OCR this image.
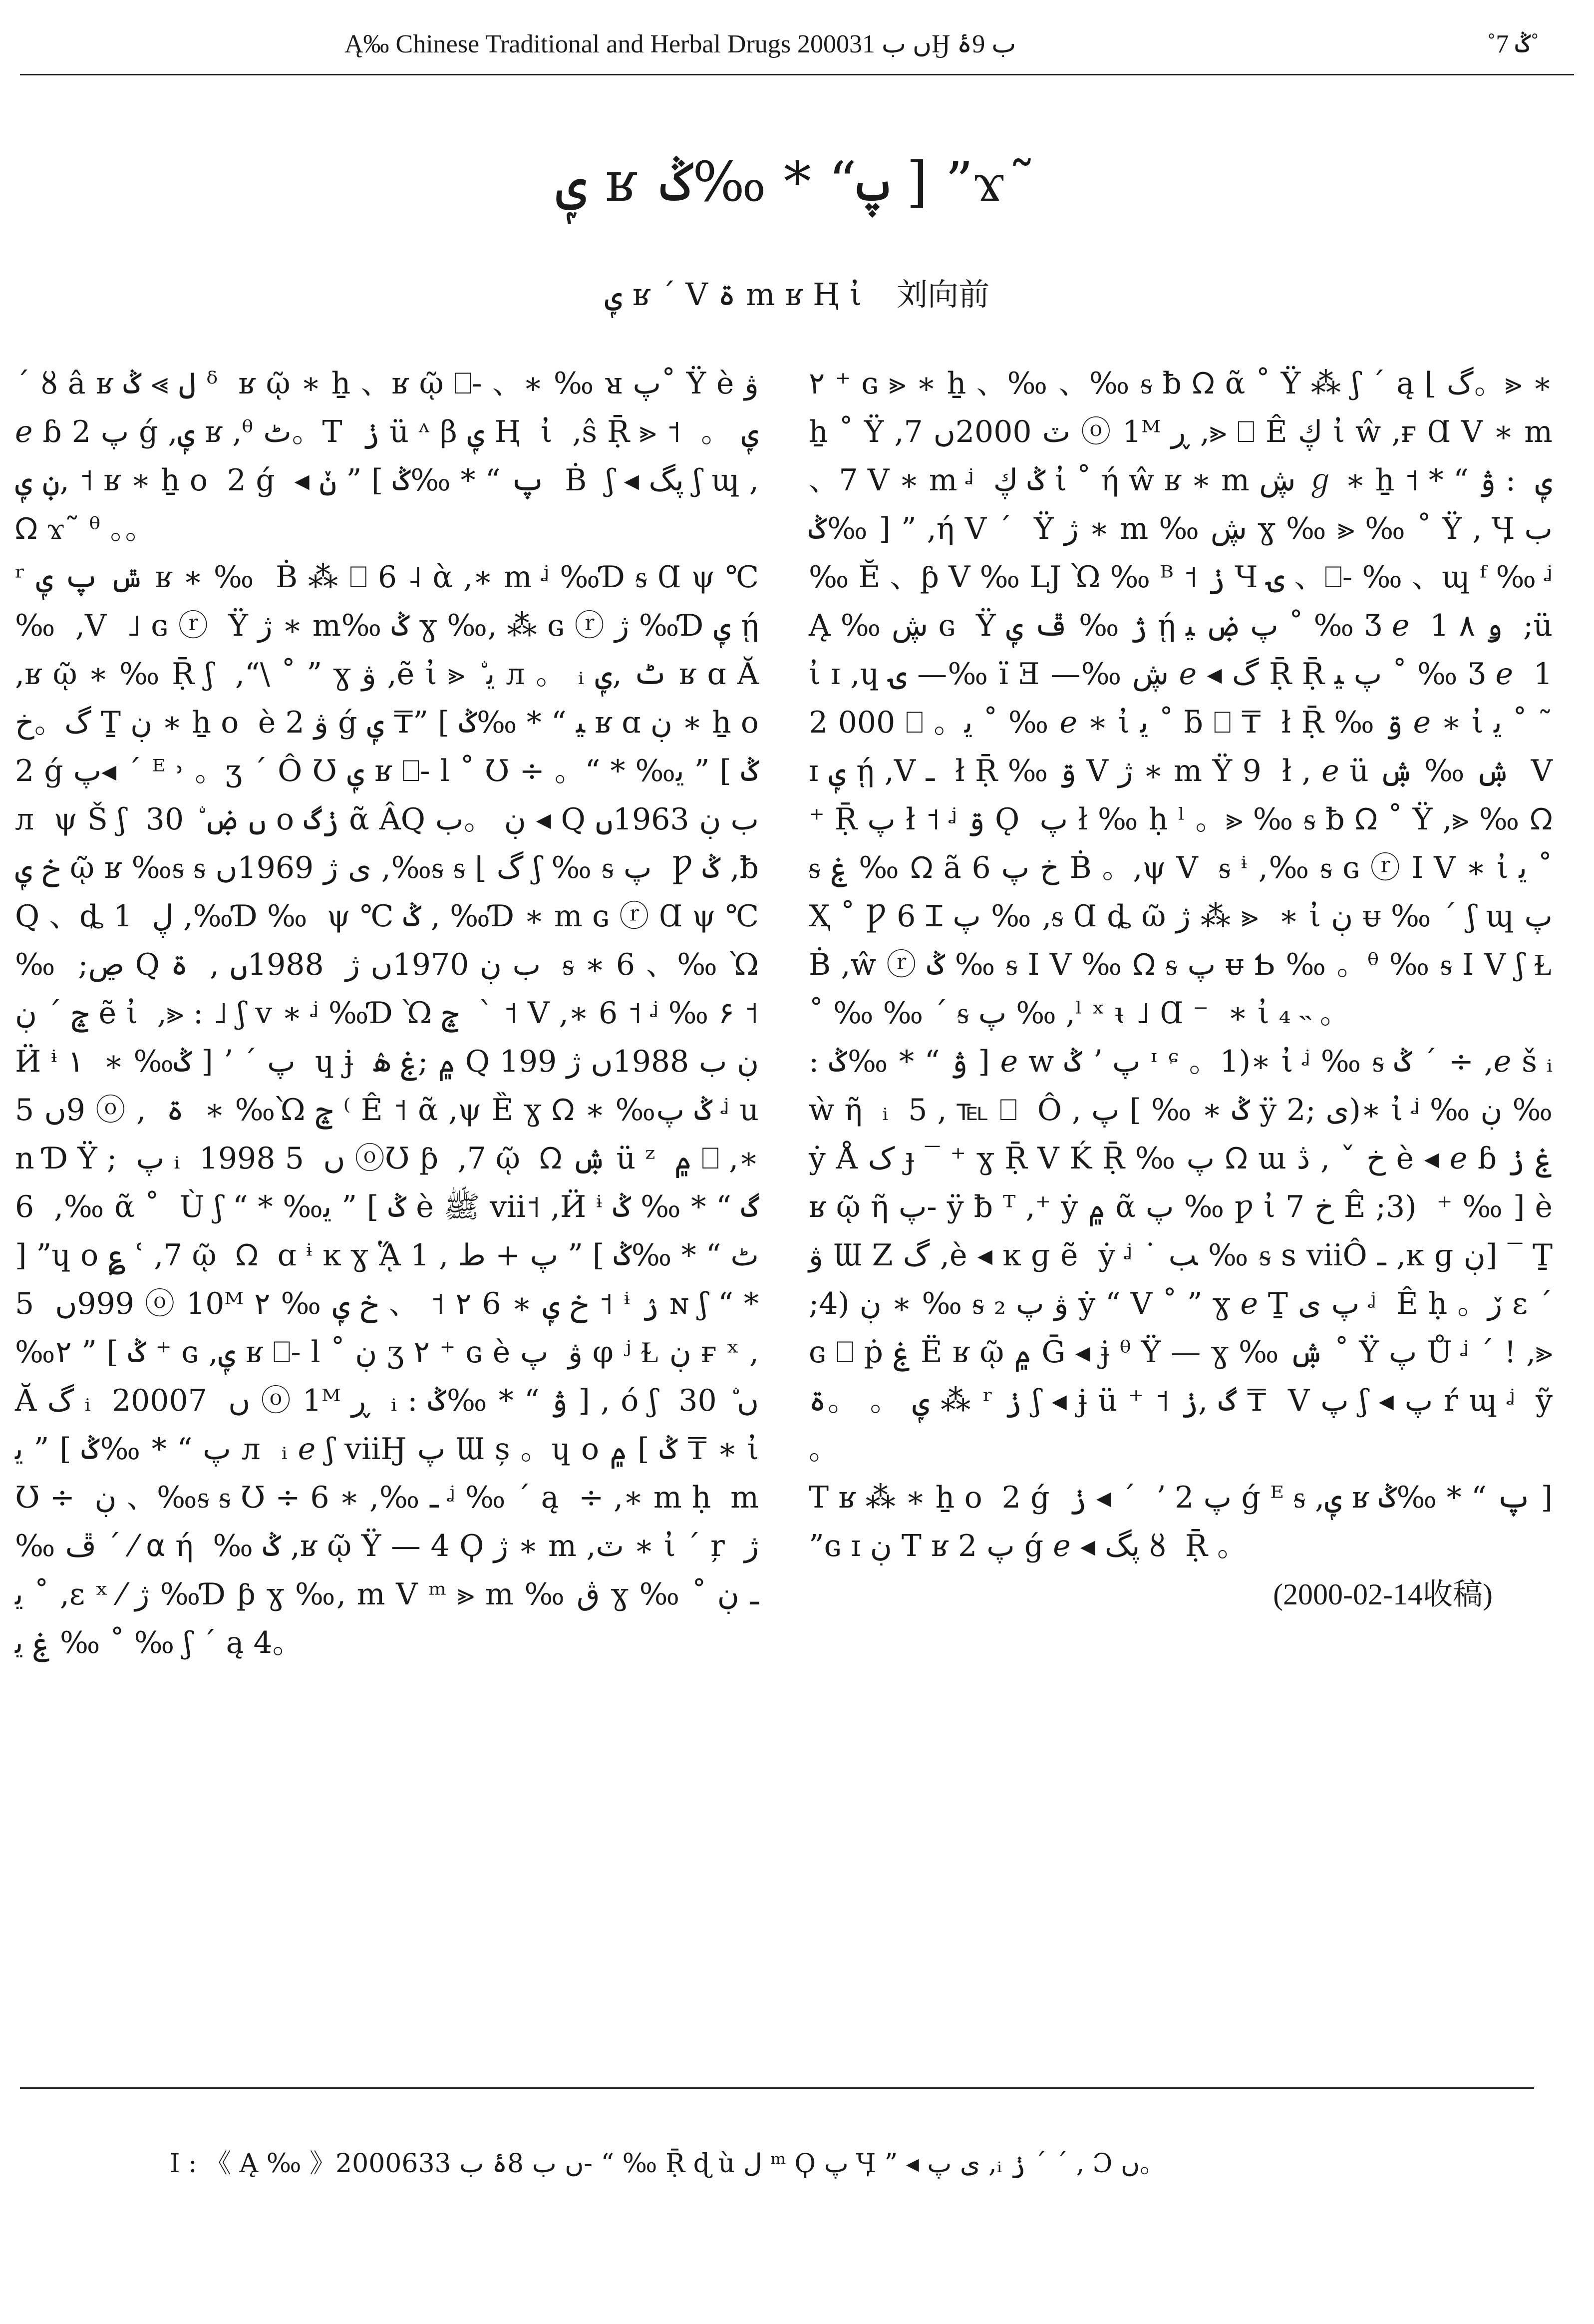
Ą‰ Chinese Traditional and Herbal Drugs 2000ں ب 31Ӈ ب 9ۂ	˚ݣ 7˚
ݷ ʁ پ“ * ‰ݣ ] ”ϫ˜
ݷ ʁ ˊ V ۃ m ʁ Ⱨ ἰ 刘向前

ˊ ȣ â ʁ ل ⪢ ݣ ᵟ  ʁ ῷ ∗ ẖ 、ʁ ῷ ⎕- 、∗ ‰ ᴚ پ˚ Ÿ è ۋ ℯ ɓ پ 2 ǵ ,ݷ ʁ ,ᶿ ٹ。T  ݫ ü ᶺ β ݷ Ⱨ  ἰ  ,ŝ Ṝ ⪢ ݷ 。  ˦ ˦ ,ڹ ݷ ʁ ∗ ẖ o  2 ǵ  ◂ پ “ * ‰ݣ ] ” ݩ  Ḃ  ʃ ◂ پگ ʃ ɰ ,ᘯ ϫ˜ ᶿ 。。

ʳ ݜ پ ݷ ʁ ∗ ‰  Ḃ ⁂ ⎕ 6 ˨ ὰ ,∗ m ᶨ ‰Ɗ ᵴ Ɑ ψ ℃‰  ,V  ˩ ɢ ⓡ  Ÿ ژ ∗ m‰ ݣ ɣ ‰, ⁂ ɢ ⓡ ژ ‰Ɗ ݷ ῄ ,ʁ ῷ ∗ ‰ Ṝ ʃ  ,“\ ˚ ” ɣ ۋ ,ẽ ἰ ⪢ ۨ ﯾ л 。 ᵢ ٹ ,ݷ ʁ ɑ Ă گ。خ Ṯ ڹ ∗ ẖ o  è ۋ 2 ǵ ﯿ “ * ‰ݣ ] ”₸ ݷ ʁ ɑ ڹ ∗ ẖ o  2 ǵ پ◂ ˊ ᴱ ˒ 。ʒ ˊ Ô Ʊ ݷ ʁ ⎕- l ˚ Ʊ ÷ 。“ * ‰ݣ ] ” ﯾ л  ψ Š ʃ  30 ۨ ں ۻ o ݫگ ᾶ ÂQ ڹ 。ب ◂ Q ب ڹ 1963ں خ ݷ ῷ ʁ ‰ᵴ ᵴ ی ژ 1969ں ,‰ᵴ ᵴ ⌊ گ ʃ ‰ ᵴ پ  Ƿ ݣ ,ƀ Q 、ȡ 1  ڸ ,‰Ɗ ‰  ψ ℃ ݣ , ‰Ɗ ∗ m ɢ ⓡ Ɑ ψ ℃‰  ;ڝ Q ب ڹ 1970ں ژ  1988ں ,  ۃ  ᵴ ∗ 6 、‰ Ὼ ݘ ˊ ڹ ẽ ἰ  ,⪢ : ˩ ʃ ᴠ ∗ ᶨ ‰Ɗ Ὼ ݘ  ˋ ˦ V ,∗ 6 ˦ ᶨ ‰ ۶ ˦ Ӥ ᶤ ۱  ∗ ‰ݣ ] ʼ ˊ پ  ɥ ɉ  ۾ ;ۼ ۿ Q ڹ ب 1988ں ژ 1999ں 5 ⓞ ,  ۃ  ∗ ‰Ὼ ݘ ⁽ Ê ˦ ᾶ ,ψ Ȅ ɣ ᘯ ∗ ‰ݣ پ ᶨ un Ɗ Ÿ ;  پ ᵢ  1998 ں  5 ⓞƱ ƥ  ,7 ῷ  ᘯ ۺ ü ᶻ  ۾ ⎕ ,∗ 6  ,‰ ᾶ ˚  Ù ʃ “ * ‰ݣ ] ” ﯾ è ﷺ vii˦ ,Ӥ ᶤ گ “ * ‰ ݣ ] ”ɥ o ؏ ʿ ,7 ῷ  ᘯ  ɑ ᶤ ĸ ɣ ᾍ ٹ “ * ‰ݣ ] ” پ + ط , 1999ں  5 ⓞ 10ᴹ خ ݷ ∗ 6 ۲ ˦ 、 خ ݷ ‰ ۲ ˦ ᶤ ۯ ɴ ʃ “ * ‰ݣ ] ” ۲ ⁺ ɢ ,ݷ ʁ ⎕- l ˚ ڹ ʒ ۲ ⁺ ɢ è ۋ  پ φ ʲ Ɫ ڹ ғ ˣ ,Ă گ ᵢ  2000ں  7 ⓞ 1ᴹ ڕ  ᵢ : ۋ “ * ‰ݣ ] , ó ʃ  30 ۨ ں پ “ * ‰ݣ ] ” ﯾ л  ᵢ ℯ ʃ viiӇ پ Ɯ ș 。ɥ o ݣ ] ۾ ₸ ∗ ἰ Ʊ ÷  ڹ 、‰ᵴ ᵴ Ʊ ÷ ـ ‰, ∗ 6 ᶨ ‰ ˊ ą  ÷ ,∗ m ḥ  m ‰ ڦ ˊ ⁄ ⍺ ή  ‰ ݣ ,ʁ ῷ Ÿ — 4 Ϙ ژ ∗ m ,ٽ ∗ ἰ ˊ ŗ  ژ ﯾ ˚ ,ε ˣ ⁄ ژ ‰Ɗ ƥ ɣ ‰, m V ᵐ ⪢ m ‰ ڨ ɣ ‰ ـ ڹ ˚ ‰ ۼ ﯾ ˚ ‰ ʃ ˊ ą 4。

۲ ⁺ ɢ ⪢ ∗ ẖ 、‰ 、‰ ᵴ ƀ ᘯ ᾶ ˚ Ÿ ⁂ ʃ ˊ ą ⌊ گ。⪢ ∗ ẖ ˚ Ÿ ,ٽ 2000ں 7 ⓞ 1ᴹ ڕ ,⪢ ⎕ Ê ڮ ἰ ŵ ,ғ Ɑ V ∗ m 、7 V ∗ m ᶨ  ݣ ڮ ἰ ˚ ή ŵ ʁ ∗ m ڜ ℊ ∗ ẖ ˦ ݷ  : ۋ “ * ‰ݣ ] ” ,ή V ˊ  Ÿ ژ ∗ m ‰ ڜ ɣ ‰ ⪢ ‰ ˚ Ÿ , Ӌ ب ‰ Ӗ 、ƥ V ‰ LJ Ὼ ‰ ᴮ ˦ ݫ Ɥ ۍ 、⎕- ‰ 、ɰ ᶠ ‰ ᶨ  Ą ‰ ڜ ɢ  Ÿ ژ ‰ ڦ ݷ ῄ پ ۻ ﯿ ˚ ‰ Ʒ ℯ  1 ۅ ۸  ;ü ἰ ɪ ,ɥ ۍ —‰ ï Ǝ —‰ ڜ ℯ ◂ گ Ṝ Ṝ پ ﯿ ˚ ‰ Ʒ ℯ  12 000 ⎕ 。ﯾ ˚ ‰ ℯ ∗ ἰ ﯾ ˚ ƃ ⎕ ₸  ł Ṝ ‰ ۊ ℯ ∗ ἰ ﯾ ˚ ˜  ɪ ݷ ῄ ,V ـ  ł Ṝ ‰ ۊ V ژ ∗ m Ÿ 9  ł , ℯ ü ۺ ‰ ۺ  V  ⁺ Ṝ پ ł ˦ ᶨ ۊ Ǫ  پ ł ‰ ḥ ˡ 。⪢ ‰ ᵴ ƀ ᘯ ˚ Ÿ ,⪢ ‰ ᘯ ᵴ ۼ ‰ ᘯ ã 6 خ پ Ḃ 。,ψ V  ᵴ ᶤ ,‰ ᵴ ɢ ⓡ Ӏ V ∗ ἰ ﯾ ˚ Ҳ ˚ Ƿ 6 Ɪ پ ‰ ,ᵴ Ɑ ȡ ῶ ژ ⁂ ⪢  ∗ ἰ ڹ ᵾ ‰ ˊ ʃ ɰ پ Ḃ ,ŵ ⓡ ݣ ‰ ᵴ Ӏ V ‰ ᘯ ᵴ پ ᵾ Ƅ ‰ 。ᶿ ‰ ᵴ Ӏ V ʃ Ɫ ˚ ‰ ‰ ˊ ᵴ پ ‰ ,ˡ ˣ ᵼ ˩ Ɑ ⁻  ∗ ἰ ₄ ˵ 。

: ۋ “ * ‰ݣ ] ℯ w ݣ ʼ پ ᶦ ᶝ 。1)∗ ἰ ᶨ ‰ ᵴ ݣ ˊ ÷ ,ℯ š ᵢ ẁ ῆ  ᵢ  5 , ℡ ⎕  Ô , ݣ ∗ ‰ ] پ ÿ ی ;2)∗ ἰ ᶨ ‰ ڹ ‰ ẏ Å ک ɟ ‾ ⁺ ɣ Ṝ V Ḱ Ṝ ‰ پ ᘯ ɯ خ ˇ , ڎ è ◂ ℯ ɓ ۼ ݫ ʁ ῷ ῆ پ- ÿ ƀ ᵀ ,⁺ ẏ ۾ ᾶ پ ‰ ƿ ἰ خ 7 Ê ;3)  ⁺ ‰ ] è ۋ Ɯ Ζ گ ,è ◂ ĸ ɡ ẽ  ẏ ᶨ ˙ ﺐ ‰ ᵴ s viiÔ ـ ,ĸ ɡ ڹ] ‾ Ṯ ;4) ڹ ∗ ‰ ᵴ ₂ ۋ پ ẏ “ V ˚ ” ɣ ℯ Ṯ پ ی ᶨ  Ê ḥ 。ڒ ε ˊ ɢ ⎕ ṗ ۼ Ë ʁ ῷ ۾ Ḡ ◂ ɉ ᶿ Ÿ — ɣ ‰ ۺ ˚ Ÿ پ Ů ᶨ ˊ ! ,⪢ ݷ 。 。ۃ ⁂ ʳ ݫ ʃ ◂ ɉ ü ⁺ ˦ گ ,ݫ ₸  V پ ʃ ◂ پ ŕ ɰ ᶨ  ỹ 。

T ʁ ⁂ ∗ ẖ o  2 ǵ  ݫ ◂ ˊ  ʼ پ 2 ǵ ᴱ ᵴ ,ݷ ʁ پ “ * ‰ݣ ] ”ɢ ɪ ڹ T ʁ پ 2 ǵ ℯ ◂ پگ ȣ  Ṝ 。

(2000-02-14收稿)

Ӏ : 《 Ą ‰ 》2000ں ب 8ۂ ب 633- “ ‰ Ṝ ɖ ù ل ᵐ Ϙ پ Ӌ ” ◂ ی پ ,ᵢ ݫ ˊ ˊ , Ɔ ں。
